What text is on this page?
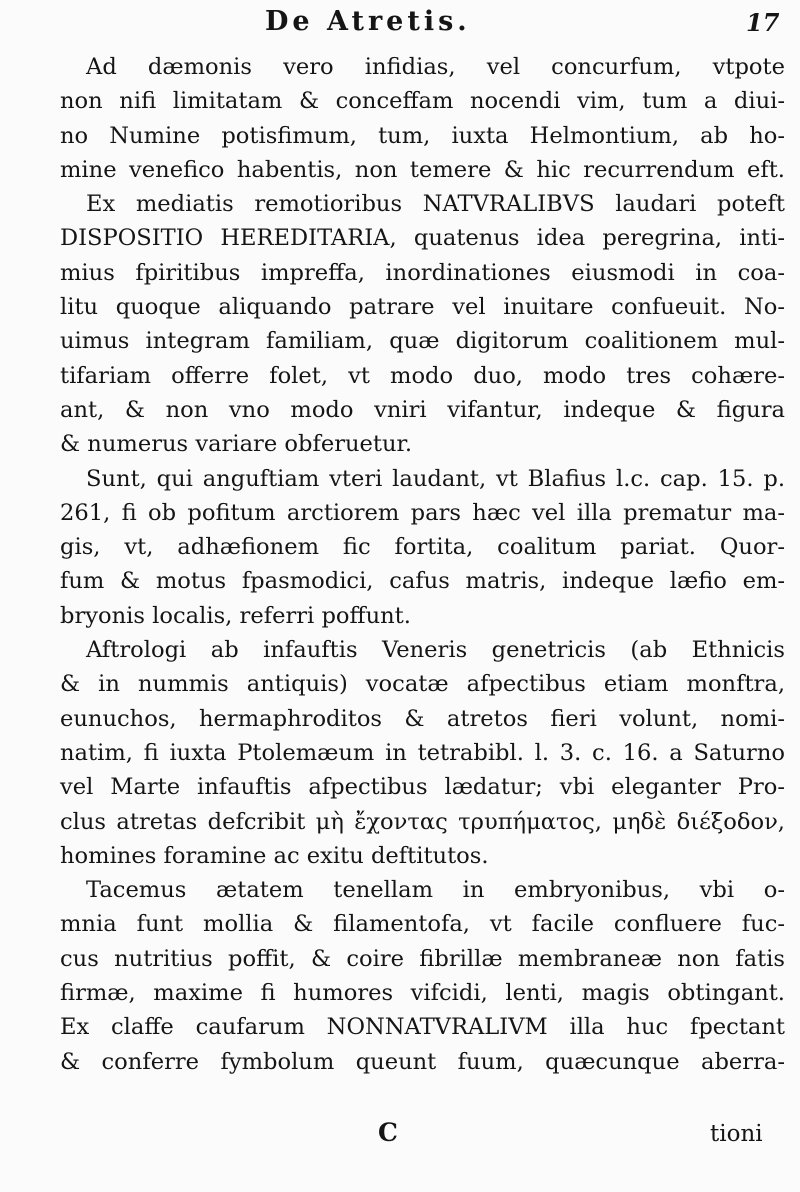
De Atretis.	17
Ad dæmonis vero infidias, vel concurfum, vtpote
non nifi limitatam & conceffam nocendi vim, tum a diui-
no Numine potisfimum, tum, iuxta Helmontium, ab ho-
mine venefico habentis, non temere & hic recurrendum eft.
Ex mediatis remotioribus NATVRALIBVS laudari poteft
DISPOSITIO HEREDITARIA, quatenus idea peregrina, inti-
mius fpiritibus impreffa, inordinationes eiusmodi in coa-
litu quoque aliquando patrare vel inuitare confueuit. No-
uimus integram familiam, quæ digitorum coalitionem mul-
tifariam offerre folet, vt modo duo, modo tres cohære-
ant, & non vno modo vniri vifantur, indeque & figura
& numerus variare obferuetur.
Sunt, qui anguftiam vteri laudant, vt Blafius l.c. cap. 15. p.
261, fi ob pofitum arctiorem pars hæc vel illa prematur ma-
gis, vt, adhæfionem fic fortita, coalitum pariat. Quor-
fum & motus fpasmodici, cafus matris, indeque læfio em-
bryonis localis, referri poffunt.
Aftrologi ab infauftis Veneris genetricis (ab Ethnicis
& in nummis antiquis) vocatæ afpectibus etiam monftra,
eunuchos, hermaphroditos & atretos fieri volunt, nomi-
natim, fi iuxta Ptolemæum in tetrabibl. l. 3. c. 16. a Saturno
vel Marte infauftis afpectibus lædatur; vbi eleganter Pro-
clus atretas defcribit μὴ ἔχοντας τρυπήματος, μηδὲ διέξοδον,
homines foramine ac exitu deftitutos.
Tacemus ætatem tenellam in embryonibus, vbi o-
mnia funt mollia & filamentofa, vt facile confluere fuc-
cus nutritius poffit, & coire fibrillæ membraneæ non fatis
firmæ, maxime fi humores vifcidi, lenti, magis obtingant.
Ex claffe caufarum NONNATVRALIVM illa huc fpectant
& conferre fymbolum queunt fuum, quæcunque aberra-
C	tioni
